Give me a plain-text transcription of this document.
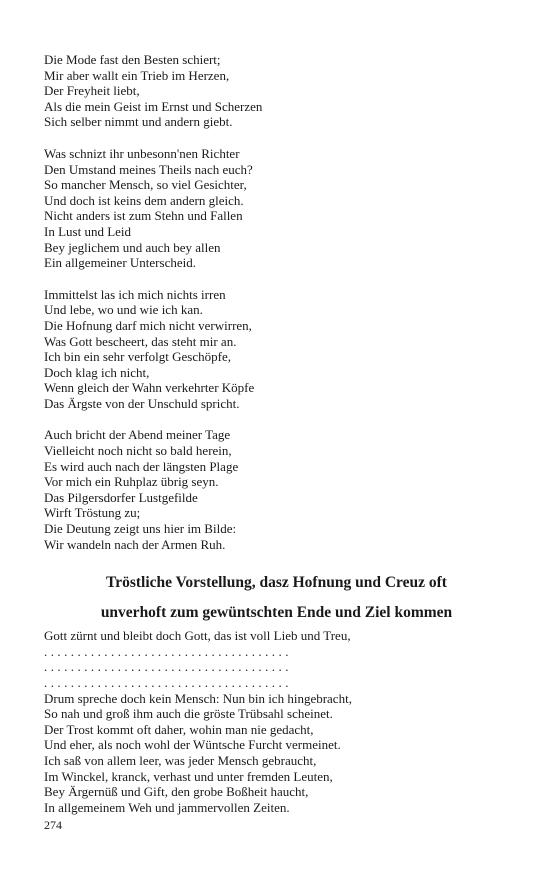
Die Mode fast den Besten schiert;
Mir aber wallt ein Trieb im Herzen,
Der Freyheit liebt,
Als die mein Geist im Ernst und Scherzen
Sich selber nimmt und andern giebt.
Was schnizt ihr unbesonn'nen Richter
Den Umstand meines Theils nach euch?
So mancher Mensch, so viel Gesichter,
Und doch ist keins dem andern gleich.
Nicht anders ist zum Stehn und Fallen
In Lust und Leid
Bey jeglichem und auch bey allen
Ein allgemeiner Unterscheid.
Immittelst las ich mich nichts irren
Und lebe, wo und wie ich kan.
Die Hofnung darf mich nicht verwirren,
Was Gott bescheert, das steht mir an.
Ich bin ein sehr verfolgt Geschöpfe,
Doch klag ich nicht,
Wenn gleich der Wahn verkehrter Köpfe
Das Ärgste von der Unschuld spricht.
Auch bricht der Abend meiner Tage
Vielleicht noch nicht so bald herein,
Es wird auch nach der längsten Plage
Vor mich ein Ruhplaz übrig seyn.
Das Pilgersdorfer Lustgefilde
Wirft Tröstung zu;
Die Deutung zeigt uns hier im Bilde:
Wir wandeln nach der Armen Ruh.
Tröstliche Vorstellung, dasz Hofnung und Creuz oft
unverhoft zum gewüntschten Ende und Ziel kommen
Gott zürnt und bleibt doch Gott, das ist voll Lieb und Treu,
. . . . . . . . . . . . . . . . . . . . . . . . . . . . . . . . . . . . .
. . . . . . . . . . . . . . . . . . . . . . . . . . . . . . . . . . . . .
. . . . . . . . . . . . . . . . . . . . . . . . . . . . . . . . . . . . .
Drum spreche doch kein Mensch: Nun bin ich hingebracht,
So nah und groß ihm auch die gröste Trübsahl scheinet.
Der Trost kommt oft daher, wohin man nie gedacht,
Und eher, als noch wohl der Wüntsche Furcht vermeinet.
Ich saß von allem leer, was jeder Mensch gebraucht,
Im Winckel, kranck, verhast und unter fremden Leuten,
Bey Ärgernüß und Gift, den grobe Boßheit haucht,
In allgemeinem Weh und jammervollen Zeiten.
274
